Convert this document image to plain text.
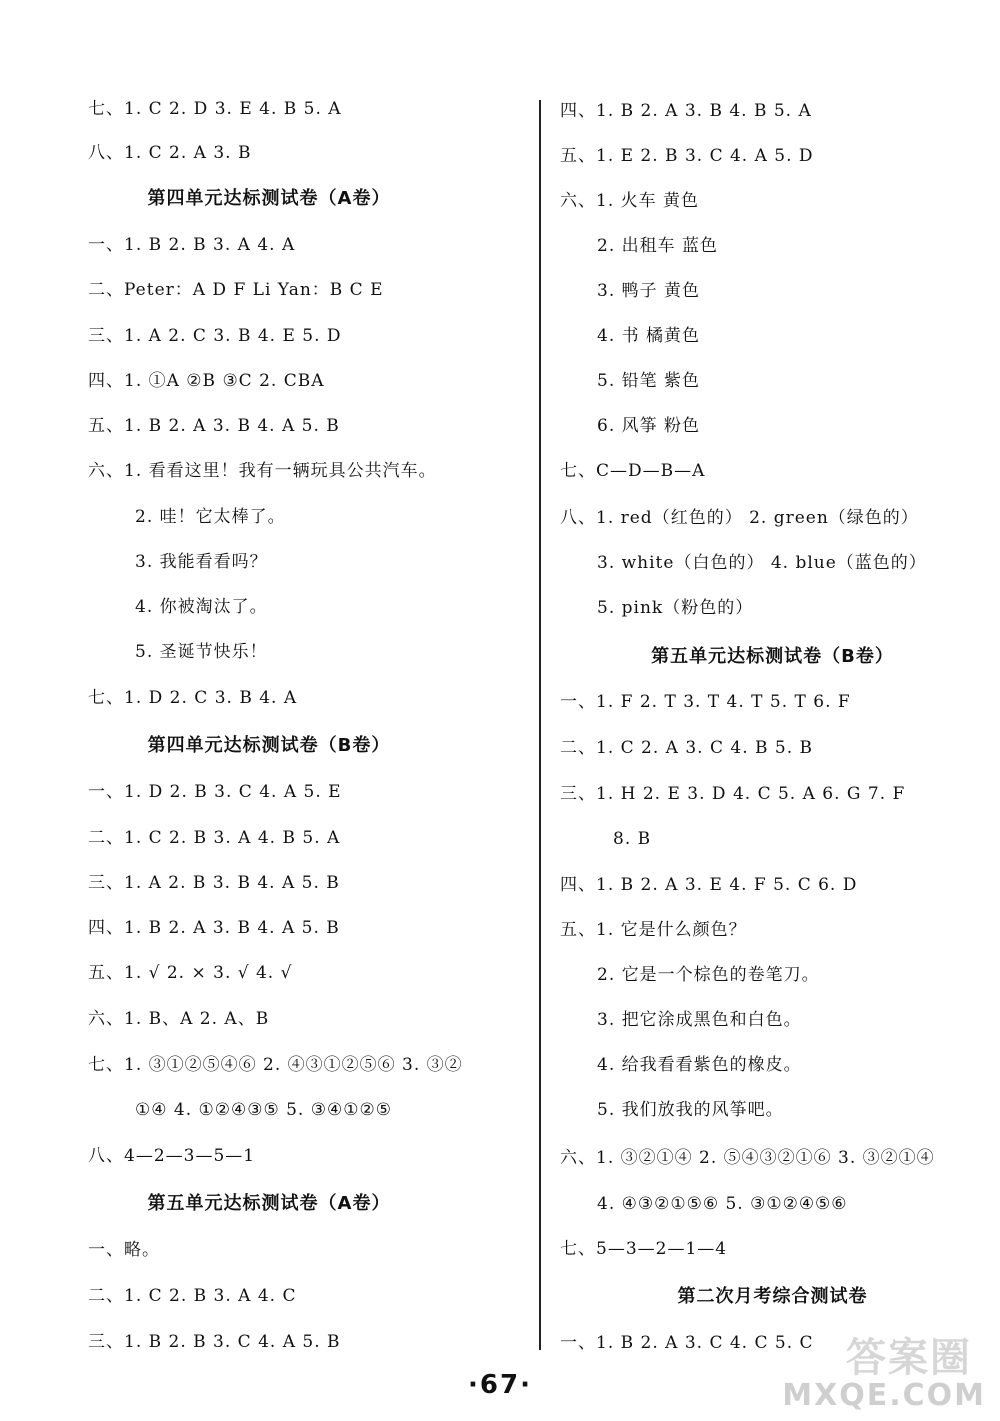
七、1. C 2. D 3. E 4. B 5. A
八、1. C 2. A 3. B
第四单元达标测试卷（A卷）
一、1. B 2. B 3. A 4. A
二、Peter：A D F Li Yan：B C E
三、1. A 2. C 3. B 4. E 5. D
四、1. ①A ②B ③C 2. CBA
五、1. B 2. A 3. B 4. A 5. B
六、1. 看看这里！我有一辆玩具公共汽车。
2. 哇！它太棒了。
3. 我能看看吗？
4. 你被淘汰了。
5. 圣诞节快乐！
七、1. D 2. C 3. B 4. A
第四单元达标测试卷（B卷）
一、1. D 2. B 3. C 4. A 5. E
二、1. C 2. B 3. A 4. B 5. A
三、1. A 2. B 3. B 4. A 5. B
四、1. B 2. A 3. B 4. A 5. B
五、1. √ 2. × 3. √ 4. √
六、1. B、A 2. A、B
七、1. ③①②⑤④⑥ 2. ④③①②⑤⑥ 3. ③②
①④ 4. ①②④③⑤ 5. ③④①②⑤
八、4—2—3—5—1
第五单元达标测试卷（A卷）
一、略。
二、1. C 2. B 3. A 4. C
三、1. B 2. B 3. C 4. A 5. B
四、1. B 2. A 3. B 4. B 5. A
五、1. E 2. B 3. C 4. A 5. D
六、1. 火车 黄色
2. 出租车 蓝色
3. 鸭子 黄色
4. 书 橘黄色
5. 铅笔 紫色
6. 风筝 粉色
七、C—D—B—A
八、1. red（红色的） 2. green（绿色的）
3. white（白色的） 4. blue（蓝色的）
5. pink（粉色的）
第五单元达标测试卷（B卷）
一、1. F 2. T 3. T 4. T 5. T 6. F
二、1. C 2. A 3. C 4. B 5. B
三、1. H 2. E 3. D 4. C 5. A 6. G 7. F
8. B
四、1. B 2. A 3. E 4. F 5. C 6. D
五、1. 它是什么颜色？
2. 它是一个棕色的卷笔刀。
3. 把它涂成黑色和白色。
4. 给我看看紫色的橡皮。
5. 我们放我的风筝吧。
六、1. ③②①④ 2. ⑤④③②①⑥ 3. ③②①④
4. ④③②①⑤⑥ 5. ③①②④⑤⑥
七、5—3—2—1—4
第二次月考综合测试卷
一、1. B 2. A 3. C 4. C 5. C
·67·
答案圈
MXQE.COM
